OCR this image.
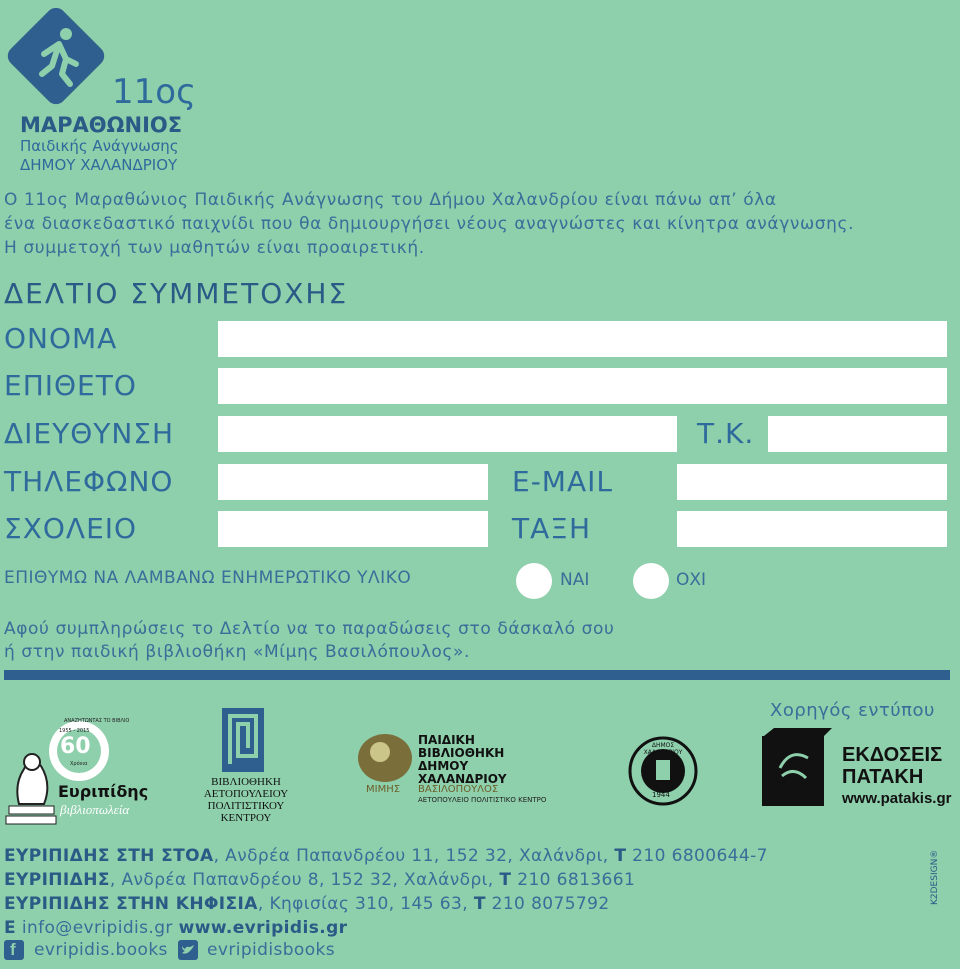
11ος
ΜΑΡΑΘΩΝΙΟΣ
Παιδικής Ανάγνωσης
ΔΗΜΟΥ ΧΑΛΑΝΔΡΙΟΥ
Ο 11ος Μαραθώνιος Παιδικής Ανάγνωσης του Δήμου Χαλανδρίου είναι πάνω απ’ όλα
ένα διασκεδαστικό παιχνίδι που θα δημιουργήσει νέους αναγνώστες και κίνητρα ανάγνωσης.
Η συμμετοχή των μαθητών είναι προαιρετική.
ΔΕΛΤΙΟ ΣΥΜΜΕΤΟΧΗΣ
ΟΝΟΜΑ
ΕΠΙΘΕΤΟ
ΔΙΕΥΘΥΝΣΗ	Τ.Κ.
ΤΗΛΕΦΩΝΟ	E-MAIL
ΣΧΟΛΕΙΟ	ΤΑΞΗ
ΕΠΙΘΥΜΩ ΝΑ ΛΑΜΒΑΝΩ ΕΝΗΜΕΡΩΤΙΚΟ ΥΛΙΚΟ	ΝΑΙ	ΟΧΙ
Αφού συμπληρώσεις το Δελτίο να το παραδώσεις στο δάσκαλό σου
ή στην παιδική βιβλιοθήκη «Μίμης Βασιλόπουλος».
Χορηγός εντύπου
60
1955 - 2015
Χρόνια
ΑΝΑΖΗΤΩΝΤΑΣ ΤΟ ΒΙΒΛΙΟ
Ευριπίδης
βιβλιοπωλεία
ΒΙΒΛΙΟΘΗΚΗ
ΑΕΤΟΠΟΥΛΕΙΟΥ
ΠΟΛΙΤΙΣΤΙΚΟΥ
ΚΕΝΤΡΟΥ
ΠΑΙΔΙΚΗ
ΒΙΒΛΙΟΘΗΚΗ
ΔΗΜΟΥ
ΧΑΛΑΝΔΡΙΟΥ
ΜΙΜΗΣ ΒΑΣΙΛΟΠΟΥΛΟΣ
ΑΕΤΟΠΟΥΛΕΙΟ ΠΟΛΙΤΙΣΤΙΚΟ ΚΕΝΤΡΟ
ΔΗΜΟΣ ΧΑΛΑΝΔΡΙΟΥ
1944
ΕΚΔΟΣΕΙΣ
ΠΑΤΑΚΗ
www.patakis.gr
ΕΥΡΙΠΙΔΗΣ ΣΤΗ ΣΤΟΑ, Ανδρέα Παπανδρέου 11, 152 32, Χαλάνδρι, Τ 210 6800644-7
ΕΥΡΙΠΙΔΗΣ, Ανδρέα Παπανδρέου 8, 152 32, Χαλάνδρι, Τ 210 6813661
ΕΥΡΙΠΙΔΗΣ ΣΤΗΝ ΚΗΦΙΣΙΑ, Κηφισίας 310, 145 63, Τ 210 8075792
E info@evripidis.gr www.evripidis.gr
f evripidis.books evripidisbooks
K2DESIGN®
